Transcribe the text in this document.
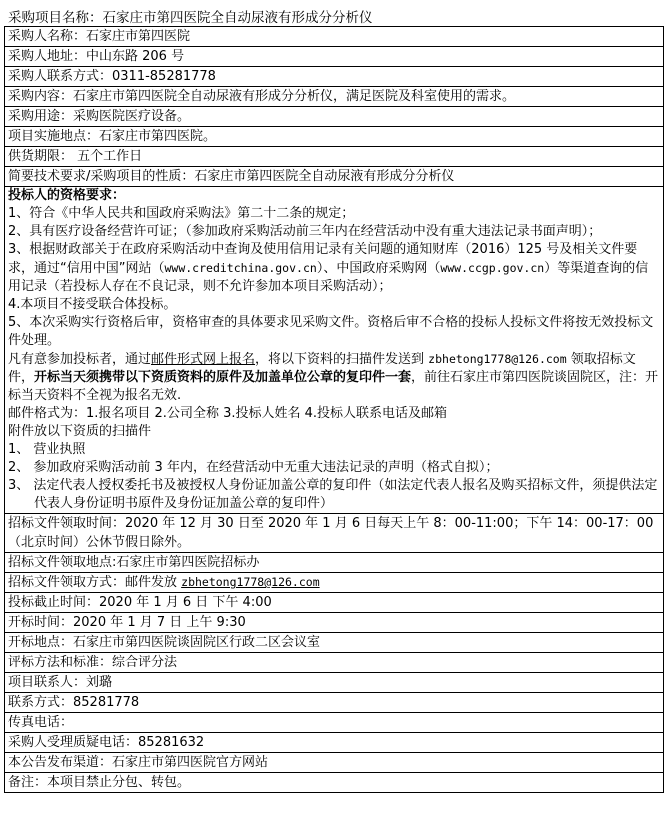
采购项目名称：石家庄市第四医院全自动尿液有形成分分析仪
采购人名称：石家庄市第四医院
采购人地址：中山东路 206 号
采购人联系方式：0311-85281778
采购内容：石家庄市第四医院全自动尿液有形成分分析仪，满足医院及科室使用的需求。
采购用途：采购医院医疗设备。
项目实施地点：石家庄市第四医院。
供货期限： 五个工作日
简要技术要求/采购项目的性质：石家庄市第四医院全自动尿液有形成分分析仪

投标人的资格要求：
1、符合《中华人民共和国政府采购法》第二十二条的规定；
2、具有医疗设备经营许可证；（参加政府采购活动前三年内在经营活动中没有重大违法记录书面声明）；
3、根据财政部关于在政府采购活动中查询及使用信用记录有关问题的通知财库（2016）125 号及相关文件要求，通过“信用中国”网站（www.creditchina.gov.cn）、中国政府采购网（www.ccgp.gov.cn）等渠道查询的信用记录（若投标人存在不良记录，则不允许参加本项目采购活动）；
4.本项目不接受联合体投标。
5、本次采购实行资格后审，资格审查的具体要求见采购文件。资格后审不合格的投标人投标文件将按无效投标文件处理。
凡有意参加投标者，通过邮件形式网上报名，将以下资料的扫描件发送到 zbhetong1778@126.com 领取招标文件，开标当天须携带以下资质资料的原件及加盖单位公章的复印件一套，前往石家庄市第四医院谈固院区，注：开标当天资料不全视为报名无效.
邮件格式为：1.报名项目 2.公司全称 3.投标人姓名 4.投标人联系电话及邮箱
附件放以下资质的扫描件
1、 营业执照
2、 参加政府采购活动前 3 年内，在经营活动中无重大违法记录的声明（格式自拟）；
3、 法定代表人授权委托书及被授权人身份证加盖公章的复印件（如法定代表人报名及购买招标文件，须提供法定代表人身份证明书原件及身份证加盖公章的复印件）

招标文件领取时间：2020 年 12 月 30 日至 2020 年 1 月 6 日每天上午 8：00-11:00；下午 14：00-17：00（北京时间）公休节假日除外。
招标文件领取地点:石家庄市第四医院招标办
招标文件领取方式：邮件发放 zbhetong1778@126.com
投标截止时间：2020 年 1 月 6 日 下午 4:00
开标时间：2020 年 1 月 7 日 上午 9:30
开标地点：石家庄市第四医院谈固院区行政二区会议室
评标方法和标准：综合评分法
项目联系人：刘璐
联系方式：85281778
传真电话：
采购人受理质疑电话：85281632
本公告发布渠道：石家庄市第四医院官方网站
备注：本项目禁止分包、转包。
